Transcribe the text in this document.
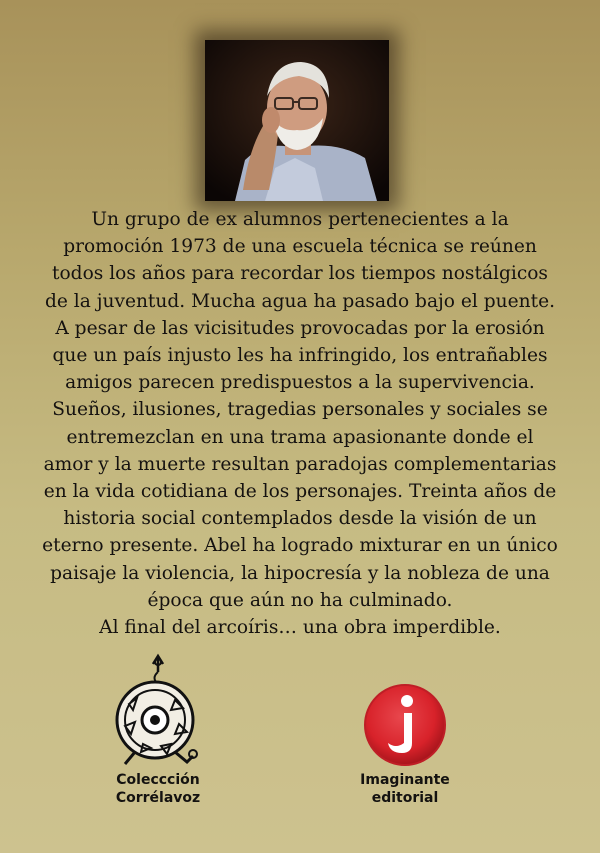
Un grupo de ex alumnos pertenecientes a la promoción 1973 de una escuela técnica se reúnen todos los años para recordar los tiempos nostálgicos de la juventud. Mucha agua ha pasado bajo el puente. A pesar de las vicisitudes provocadas por la erosión que un país injusto les ha infringido, los entrañables amigos parecen predispuestos a la supervivencia. Sueños, ilusiones, tragedias personales y sociales se entremezclan en una trama apasionante donde el amor y la muerte resultan paradojas complementarias en la vida cotidiana de los personajes. Treinta años de historia social contemplados desde la visión de un eterno presente. Abel ha logrado mixturar en un único paisaje la violencia, la hipocresía y la nobleza de una época que aún no ha culminado.

Al final del arcoíris… una obra imperdible.

Coleccción
Corrélavoz
Imaginante
editorial
